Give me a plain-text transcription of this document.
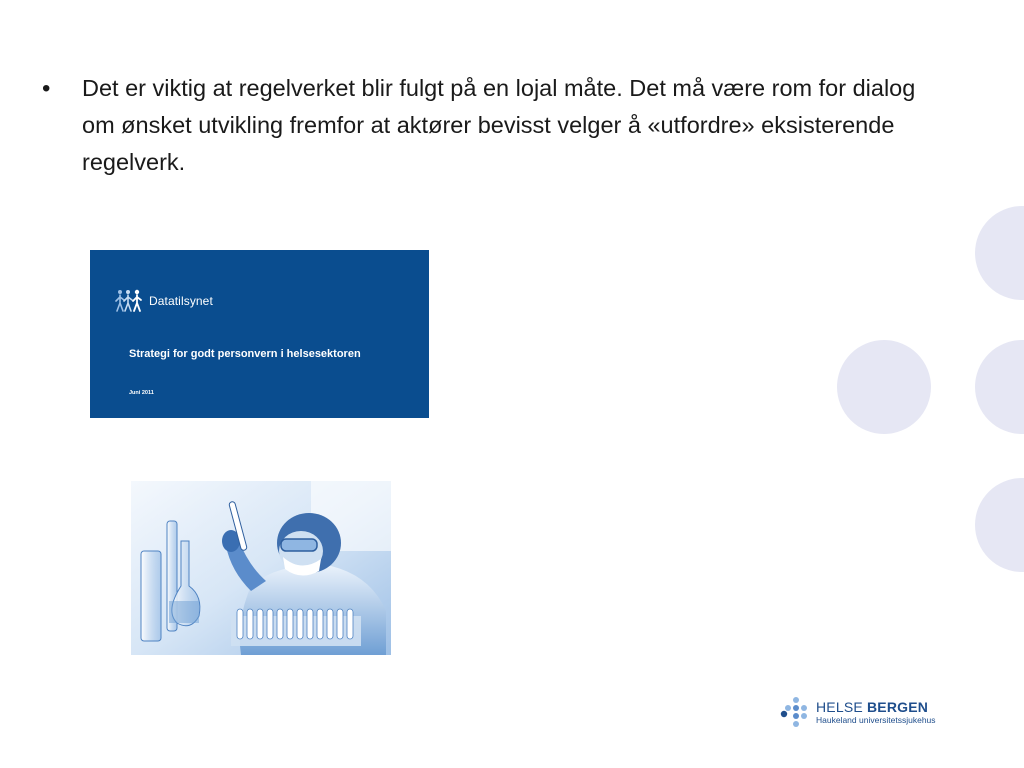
•	Det er viktig at regelverket blir fulgt på en lojal måte. Det må være rom for dialog om ønsket utvikling fremfor at aktører bevisst velger å «utfordre» eksisterende regelverk.
Datatilsynet
Strategi for godt personvern i helsesektoren
Juni 2011
HELSE BERGEN
Haukeland universitetssjukehus
